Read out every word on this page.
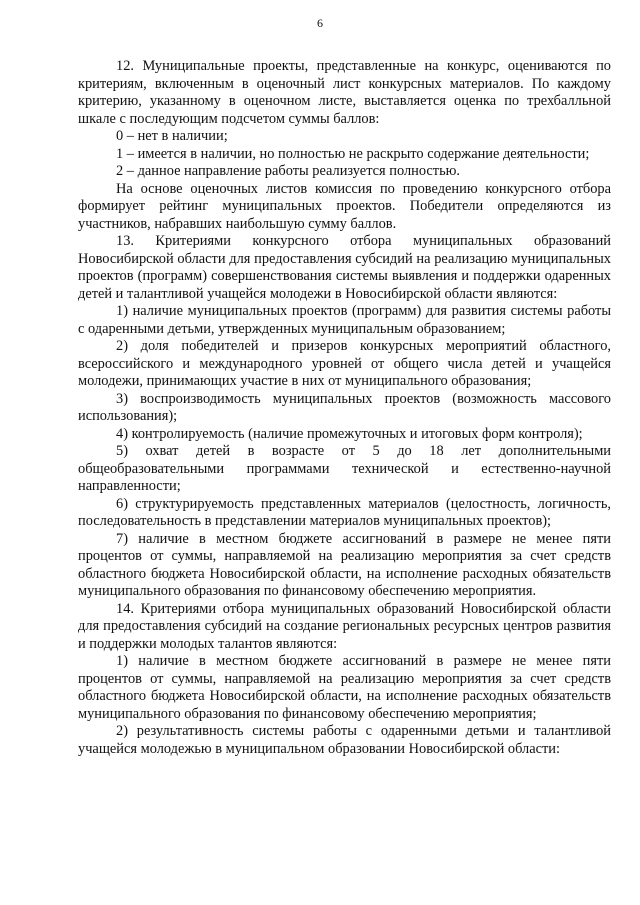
6

12. Муниципальные проекты, представленные на конкурс, оцениваются по критериям, включенным в оценочный лист конкурсных материалов. По каждому критерию, указанному в оценочном листе, выставляется оценка по трехбалльной шкале с последующим подсчетом суммы баллов:

0 – нет в наличии;

1 – имеется в наличии, но полностью не раскрыто содержание деятельности;

2 – данное направление работы реализуется полностью.

На основе оценочных листов комиссия по проведению конкурсного отбора формирует рейтинг муниципальных проектов. Победители определяются из участников, набравших наибольшую сумму баллов.

13. Критериями конкурсного отбора муниципальных образований Новосибирской области для предоставления субсидий на реализацию муниципальных проектов (программ) совершенствования системы выявления и поддержки одаренных детей и талантливой учащейся молодежи в Новосибирской области являются:

1) наличие муниципальных проектов (программ) для развития системы работы с одаренными детьми, утвержденных муниципальным образованием;

2) доля победителей и призеров конкурсных мероприятий областного, всероссийского и международного уровней от общего числа детей и учащейся молодежи, принимающих участие в них от муниципального образования;

3) воспроизводимость муниципальных проектов (возможность массового использования);

4) контролируемость (наличие промежуточных и итоговых форм контроля);

5) охват детей в возрасте от 5 до 18 лет дополнительными общеобразовательными программами технической и естественно-научной направленности;

6) структурируемость представленных материалов (целостность, логичность, последовательность в представлении материалов муниципальных проектов);

7) наличие в местном бюджете ассигнований в размере не менее пяти процентов от суммы, направляемой на реализацию мероприятия за счет средств областного бюджета Новосибирской области, на исполнение расходных обязательств муниципального образования по финансовому обеспечению мероприятия.

14. Критериями отбора муниципальных образований Новосибирской области для предоставления субсидий на создание региональных ресурсных центров развития и поддержки молодых талантов являются:

1) наличие в местном бюджете ассигнований в размере не менее пяти процентов от суммы, направляемой на реализацию мероприятия за счет средств областного бюджета Новосибирской области, на исполнение расходных обязательств муниципального образования по финансовому обеспечению мероприятия;

2) результативность системы работы с одаренными детьми и талантливой учащейся молодежью в муниципальном образовании Новосибирской области:
